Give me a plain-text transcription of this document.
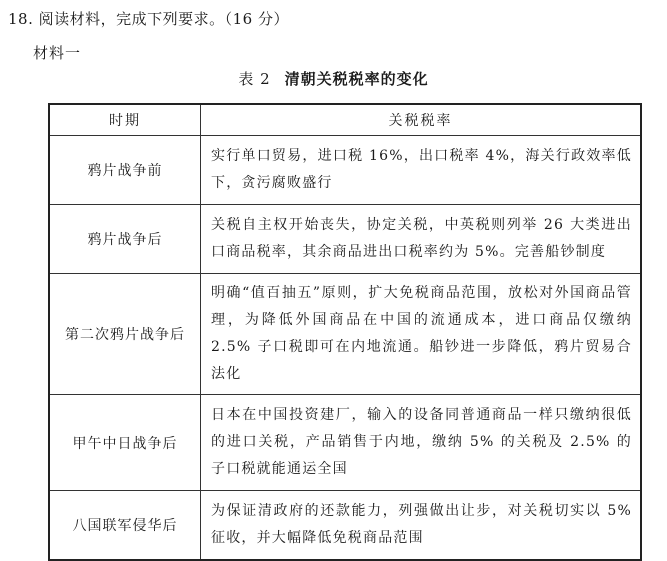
18. 阅读材料，完成下列要求。（16 分）
材料一
表 2 清朝关税税率的变化
时期	关税税率
鸦片战争前	实行单口贸易，进口税 16%，出口税率 4%，海关行政效率低下，贪污腐败盛行
鸦片战争后	关税自主权开始丧失，协定关税，中英税则列举 26 大类进出口商品税率，其余商品进出口税率约为 5%。完善船钞制度
第二次鸦片战争后	明确“值百抽五”原则，扩大免税商品范围，放松对外国商品管理，为降低外国商品在中国的流通成本，进口商品仅缴纳 2.5% 子口税即可在内地流通。船钞进一步降低，鸦片贸易合法化
甲午中日战争后	日本在中国投资建厂，输入的设备同普通商品一样只缴纳很低的进口关税，产品销售于内地，缴纳 5% 的关税及 2.5% 的子口税就能通运全国
八国联军侵华后	为保证清政府的还款能力，列强做出让步，对关税切实以 5% 征收，并大幅降低免税商品范围
